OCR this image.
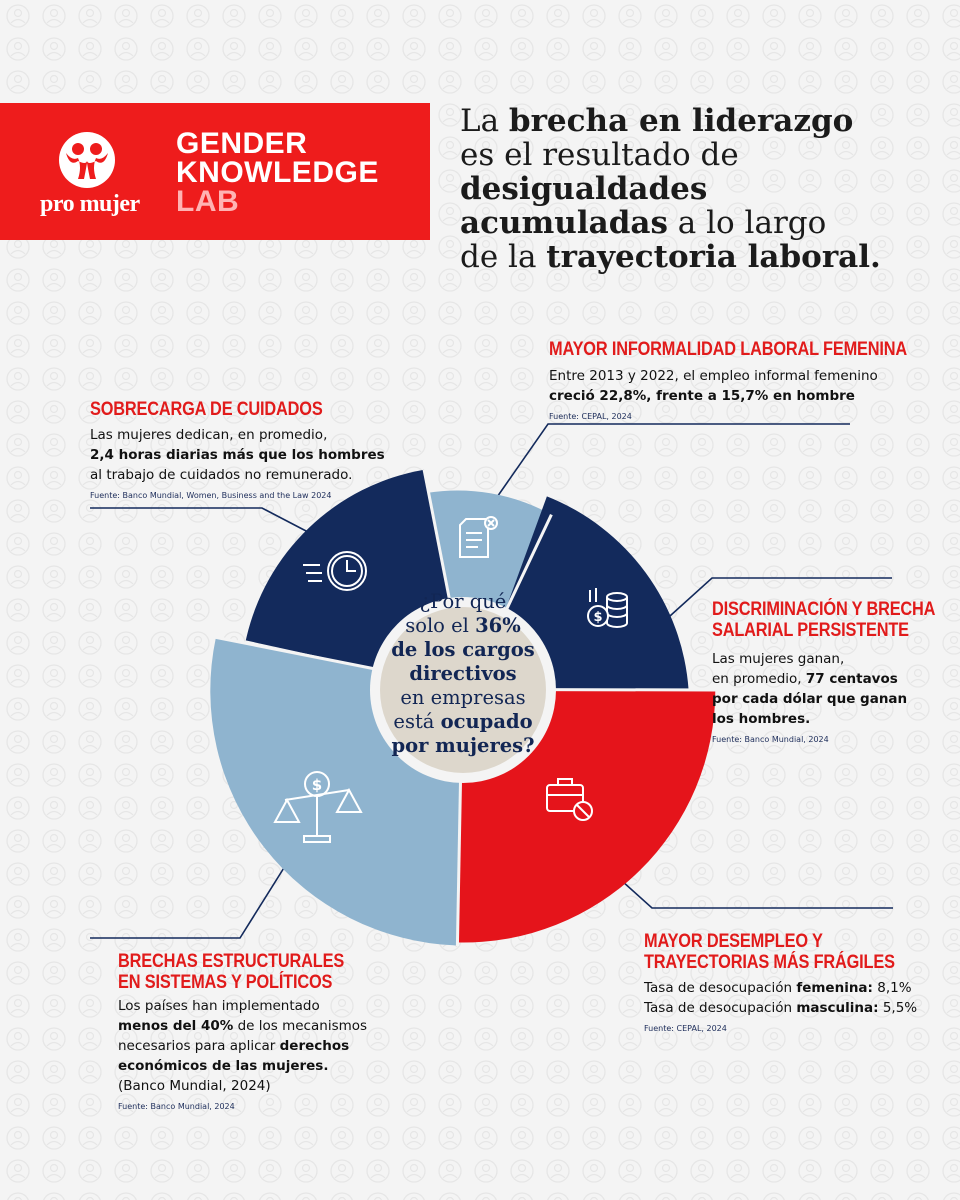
pro mujer
GENDER
KNOWLEDGE
LAB
La brecha en liderazgo
es el resultado de desigualdades
acumuladas a lo largo
de la trayectoria laboral.
$
$
¿Por qué
solo el 36%
de los cargos
directivos
en empresas
está ocupado
por mujeres?
MAYOR INFORMALIDAD LABORAL FEMENINA
Entre 2013 y 2022, el empleo informal femenino
creció 22,8%, frente a 15,7% en hombre
Fuente: CEPAL, 2024
SOBRECARGA DE CUIDADOS
Las mujeres dedican, en promedio,
2,4 horas diarias más que los hombres
al trabajo de cuidados no remunerado.
Fuente: Banco Mundial, Women, Business and the Law 2024
DISCRIMINACIÓN Y BRECHA
SALARIAL PERSISTENTE
Las mujeres ganan,
en promedio, 77 centavos
por cada dólar que ganan
los hombres.
Fuente: Banco Mundial, 2024
MAYOR DESEMPLEO Y
TRAYECTORIAS MÁS FRÁGILES
Tasa de desocupación femenina: 8,1%
Tasa de desocupación masculina: 5,5%
Fuente: CEPAL, 2024
BRECHAS ESTRUCTURALES
EN SISTEMAS Y POLÍTICOS
Los países han implementado
menos del 40% de los mecanismos
necesarios para aplicar derechos
económicos de las mujeres.
(Banco Mundial, 2024)
Fuente: Banco Mundial, 2024
